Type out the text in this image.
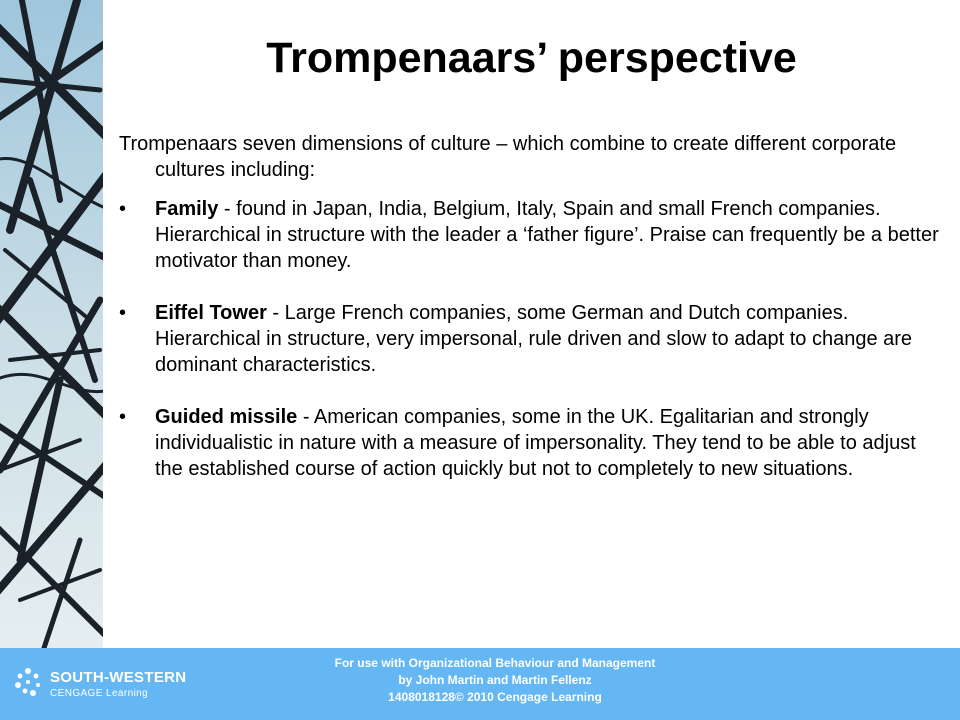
Trompenaars’ perspective

Trompenaars seven dimensions of culture – which combine to create different corporate cultures including:

• Family - found in Japan, India, Belgium, Italy, Spain and small French companies. Hierarchical in structure with the leader a ‘father figure’. Praise can frequently be a better motivator than money.
• Eiffel Tower - Large French companies, some German and Dutch companies. Hierarchical in structure, very impersonal, rule driven and slow to adapt to change are dominant characteristics.
• Guided missile - American companies, some in the UK. Egalitarian and strongly individualistic in nature with a measure of impersonality. They tend to be able to adjust the established course of action quickly but not to completely to new situations.
SOUTH-WESTERN
CENGAGE Learning
For use with Organizational Behaviour and Management
by John Martin and Martin Fellenz
1408018128© 2010 Cengage Learning
